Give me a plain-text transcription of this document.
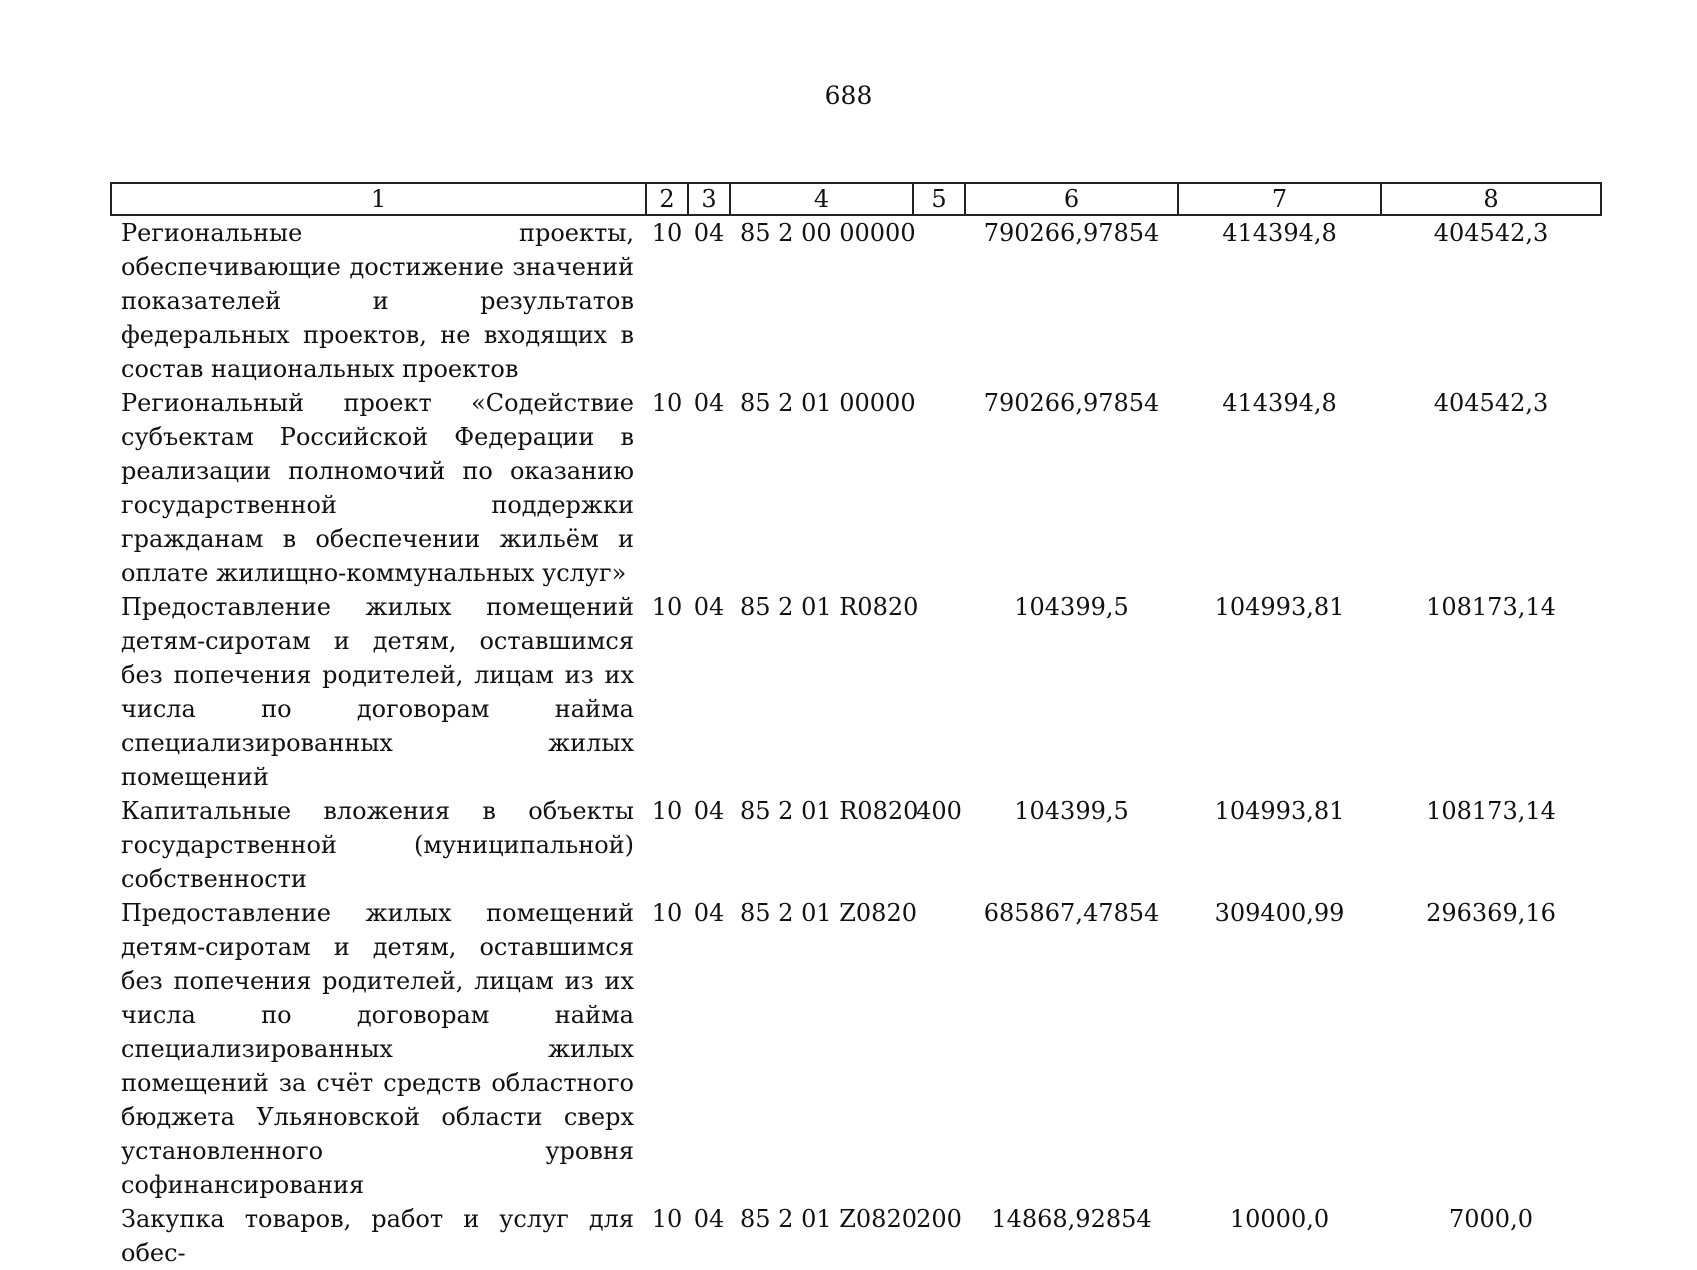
688
1	2	3	4	5	6	7	8
Региональные проекты, обеспечивающие достижение значений показателей и результатов федеральных проектов, не входящих в состав национальных проектов	10	04	85 2 00 00000		790266,97854	414394,8	404542,3
Региональный проект «Содействие субъектам Российской Федерации в реализации полномочий по оказанию государственной поддержки гражданам в обеспечении жильём и оплате жилищно-коммунальных услуг»	10	04	85 2 01 00000		790266,97854	414394,8	404542,3
Предоставление жилых помещений детям-сиротам и детям, оставшимся без попечения родителей, лицам из их числа по договорам найма специализированных жилых помещений	10	04	85 2 01 R0820		104399,5	104993,81	108173,14
Капитальные вложения в объекты государственной (муниципальной) собственности	10	04	85 2 01 R0820	400	104399,5	104993,81	108173,14
Предоставление жилых помещений детям-сиротам и детям, оставшимся без попечения родителей, лицам из их числа по договорам найма специализированных жилых помещений за счёт средств областного бюджета Ульяновской области сверх установленного уровня софинансирования	10	04	85 2 01 Z0820		685867,47854	309400,99	296369,16
Закупка товаров, работ и услуг для обес-	10	04	85 2 01 Z0820	200	14868,92854	10000,0	7000,0
